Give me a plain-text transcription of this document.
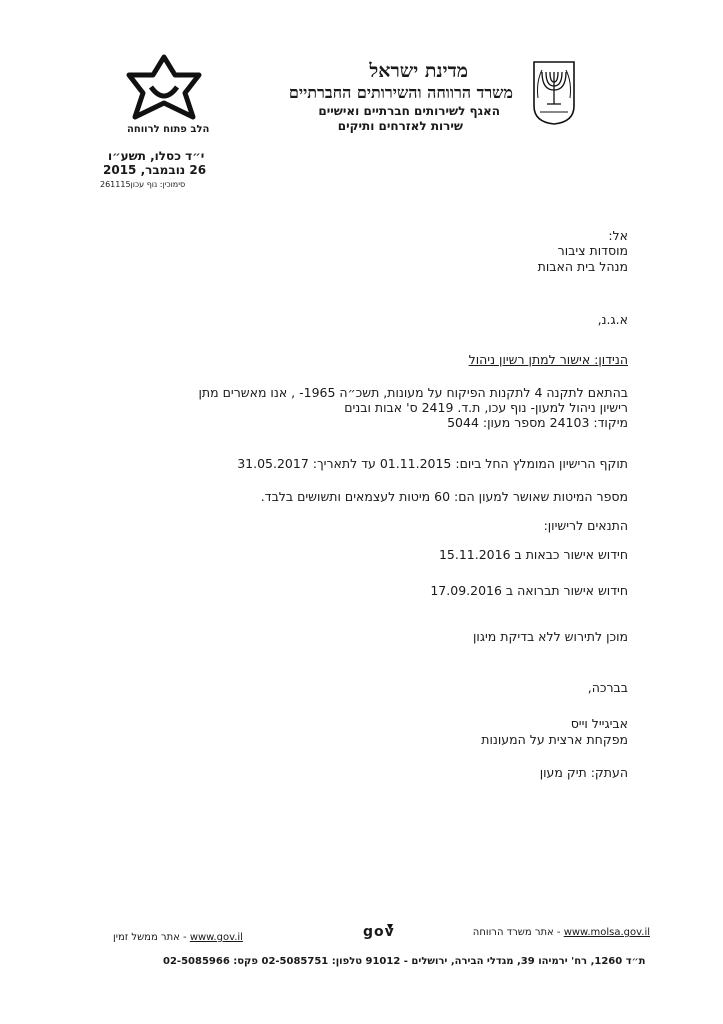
הלב פתוח לרווחה
מדינת ישראל
משרד הרווחה והשירותים החברתיים
האגף לשירותים חברתיים ואישיים
שירות לאזרחים ותיקים
י״ד כסלו, תשע״ו
26 נובמבר, 2015
סימוכין: נוף עכון261115
אל:
מוסדות ציבור
מנהל בית האבות
א.ג.נ,
הנידון: אישור למתן רשיון ניהול
בהתאם לתקנה 4 לתקנות הפיקוח על מעונות, תשכ״ה 1965- , אנו מאשרים מתן
רישיון ניהול למעון- נוף עכו, ת.ד. 2419 ס' אבות ובנים
מיקוד: 24103 מספר מעון: 5044
תוקף הרישיון המומלץ החל ביום: 01.11.2015 עד לתאריך: 31.05.2017
מספר המיטות שאושר למעון הם: 60 מיטות לעצמאים ותשושים בלבד.
התנאים לרישיון:
חידוש אישור כבאות ב 15.11.2016
חידוש אישור תברואה ב 17.09.2016
מוכן לתירוש ללא בדיקת מיגון
בברכה,
אביגייל וייס
מפקחת ארצית על המעונות
העתק: תיק מעון
www.molsa.gov.il - אתר משרד הרווחה
gov
www.gov.il - אתר ממשל זמין
ת״ד 1260, רח' ירמיהו 39, מגדלי הבירה, ירושלים - 91012 טלפון: 02-5085751 פקס: 02-5085966
